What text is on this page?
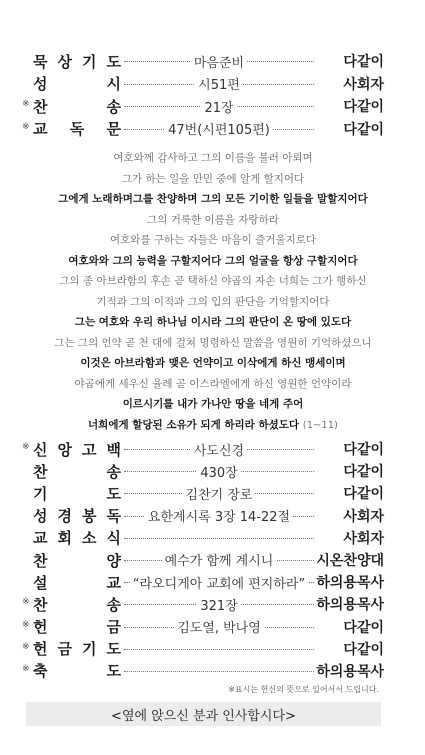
묵 상 기 도	마음준비	다같이
성	시	시51편	사회자
※ 찬	송	21장	다같이
※ 교 독 문	47번(시편105편)	다같이
여호와께 감사하고 그의 이름을 불러 아뢰며
그가 하는 일을 만민 중에 알게 할지어다
그에게 노래하며그를 찬양하며 그의 모든 기이한 일들을 말할지어다
그의 거룩한 이름을 자랑하라
여호와를 구하는 자들은 마음이 즐거울지로다
여호와와 그의 능력을 구할지어다 그의 얼굴을 항상 구할지어다
그의 종 아브라함의 후손 곧 택하신 야곱의 자손 너희는 그가 행하신
기적과 그의 이적과 그의 입의 판단을 기억할지어다
그는 여호와 우리 하나님 이시라 그의 판단이 온 땅에 있도다
그는 그의 언약 곧 천 대에 걸쳐 명령하신 말씀을 영원히 기억하셨으니
이것은 아브라함과 맺은 언약이고 이삭에게 하신 맹세이며
야곱에게 세우신 율례 곧 이스라엘에게 하신 영원한 언약이라
이르시기를 내가 가나안 땅을 네게 주어
너희에게 할당된 소유가 되게 하리라 하셨도다 (1~11)
※ 신 앙 고 백	사도신경	다같이
찬	송	430장	다같이
기	도	김찬기 장로	다같이
성 경 봉 독 요한계시록 3장 14-22절	사회자
교 회 소 식	사회자
찬	양	예수가 함께 계시니	시온찬양대
설	교 “라오디게아 교회에 편지하라” 하의용목사
※ 찬	송	321장	하의용목사
※ 헌	금	김도열, 박나영	다같이
※ 헌 금 기 도	다같이
※ 축	도	하의용목사
※표시는 헌신의 뜻으로 일어서서 드립니다.
<옆에 앉으신 분과 인사합시다>
